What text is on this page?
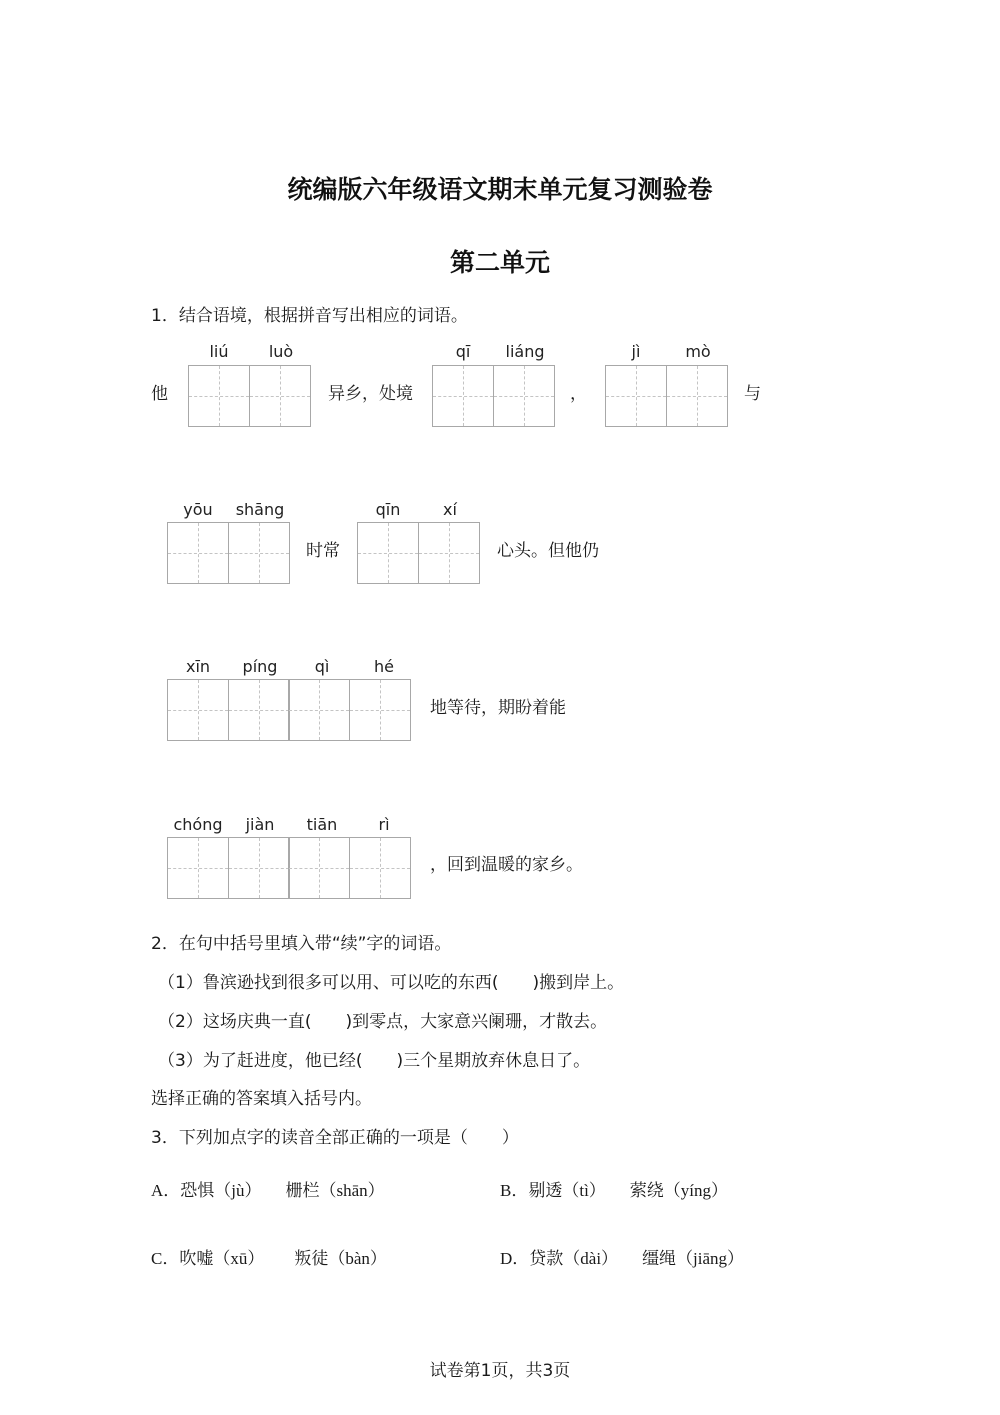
统编版六年级语文期末单元复习测验卷
第二单元
1．结合语境，根据拼音写出相应的词语。
他
liú	luò
异乡，处境
qī	liáng
，
jì	mò
与
yōu	shāng
时常
qīn	xí
心头。但他仍
xīn	píng	qì	hé
地等待，期盼着能
chóng	jiàn	tiān	rì
，回到温暖的家乡。
2．在句中括号里填入带“续”字的词语。
（1）鲁滨逊找到很多可以用、可以吃的东西(　　)搬到岸上。
（2）这场庆典一直(　　)到零点，大家意兴阑珊，才散去。
（3）为了赶进度，他已经(　　)三个星期放弃休息日了。
选择正确的答案填入括号内。
3．下列加点字的读音全部正确的一项是（　　）
A．恐惧（jù） 栅栏（shān）	B．剔透（tì） 萦绕（yíng）
C．吹嘘（xū） 叛徒（bàn）	D．贷款（dài） 缰绳（jiāng）
试卷第1页，共3页
